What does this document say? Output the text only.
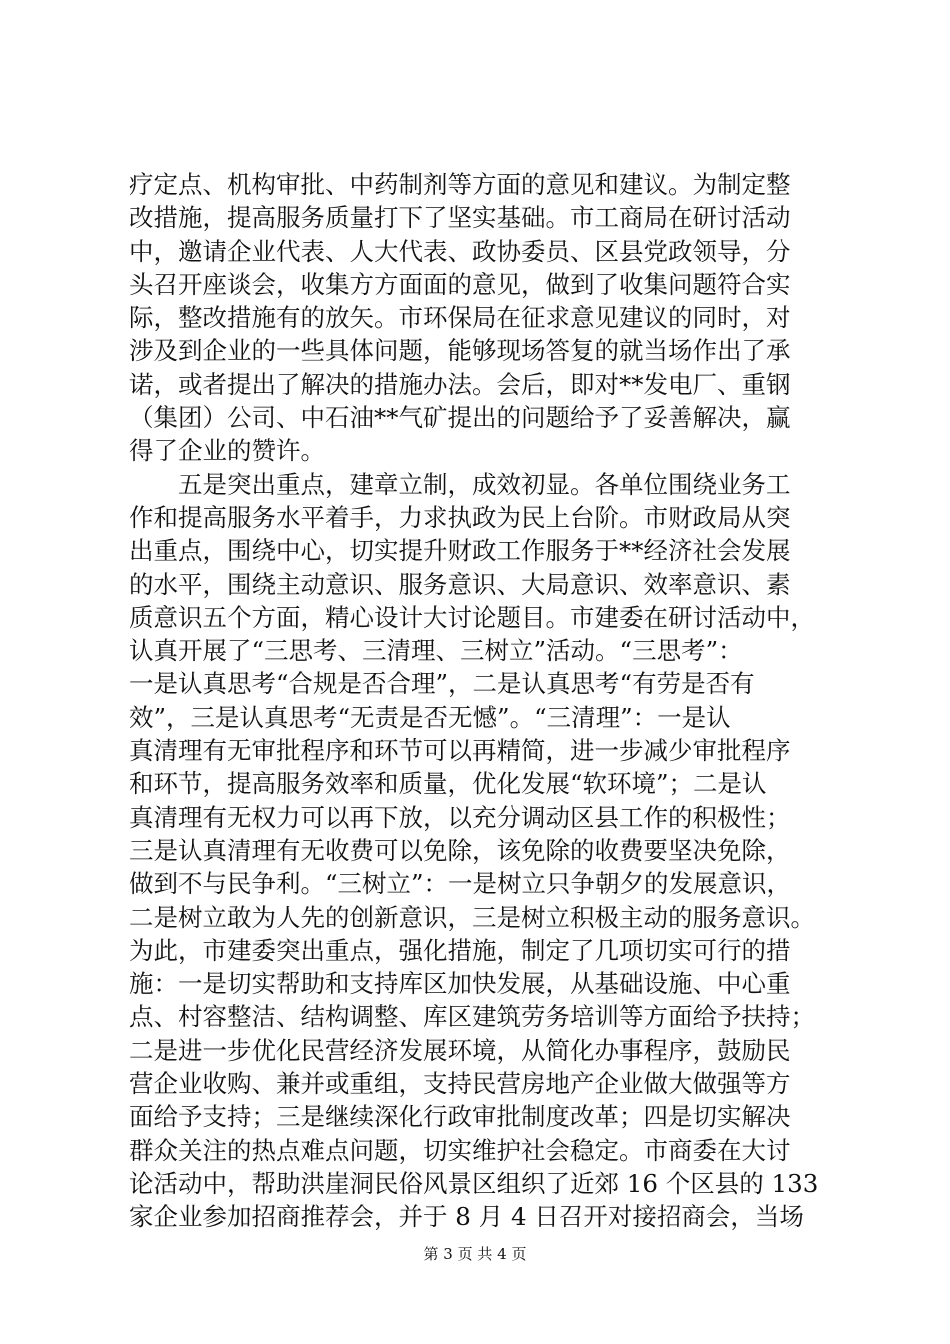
疗定点、机构审批、中药制剂等方面的意见和建议。为制定整
改措施，提高服务质量打下了坚实基础。市工商局在研讨活动
中，邀请企业代表、人大代表、政协委员、区县党政领导，分
头召开座谈会，收集方方面面的意见，做到了收集问题符合实
际，整改措施有的放矢。市环保局在征求意见建议的同时，对
涉及到企业的一些具体问题，能够现场答复的就当场作出了承
诺，或者提出了解决的措施办法。会后，即对**发电厂、重钢
（集团）公司、中石油**气矿提出的问题给予了妥善解决，赢
得了企业的赞许。
　　五是突出重点，建章立制，成效初显。各单位围绕业务工
作和提高服务水平着手，力求执政为民上台阶。市财政局从突
出重点，围绕中心，切实提升财政工作服务于**经济社会发展
的水平，围绕主动意识、服务意识、大局意识、效率意识、素
质意识五个方面，精心设计大讨论题目。市建委在研讨活动中，
认真开展了“三思考、三清理、三树立”活动。“三思考”：
一是认真思考“合规是否合理”，二是认真思考“有劳是否有
效”，三是认真思考“无责是否无憾”。“三清理”：一是认
真清理有无审批程序和环节可以再精简，进一步减少审批程序
和环节，提高服务效率和质量，优化发展“软环境”；二是认
真清理有无权力可以再下放，以充分调动区县工作的积极性；
三是认真清理有无收费可以免除，该免除的收费要坚决免除，
做到不与民争利。“三树立”：一是树立只争朝夕的发展意识，
二是树立敢为人先的创新意识，三是树立积极主动的服务意识。
为此，市建委突出重点，强化措施，制定了几项切实可行的措
施：一是切实帮助和支持库区加快发展，从基础设施、中心重
点、村容整洁、结构调整、库区建筑劳务培训等方面给予扶持；
二是进一步优化民营经济发展环境，从简化办事程序，鼓励民
营企业收购、兼并或重组，支持民营房地产企业做大做强等方
面给予支持；三是继续深化行政审批制度改革；四是切实解决
群众关注的热点难点问题，切实维护社会稳定。市商委在大讨
论活动中，帮助洪崖洞民俗风景区组织了近郊 16 个区县的 133
家企业参加招商推荐会，并于 8 月 4 日召开对接招商会，当场
第 3 页 共 4 页
